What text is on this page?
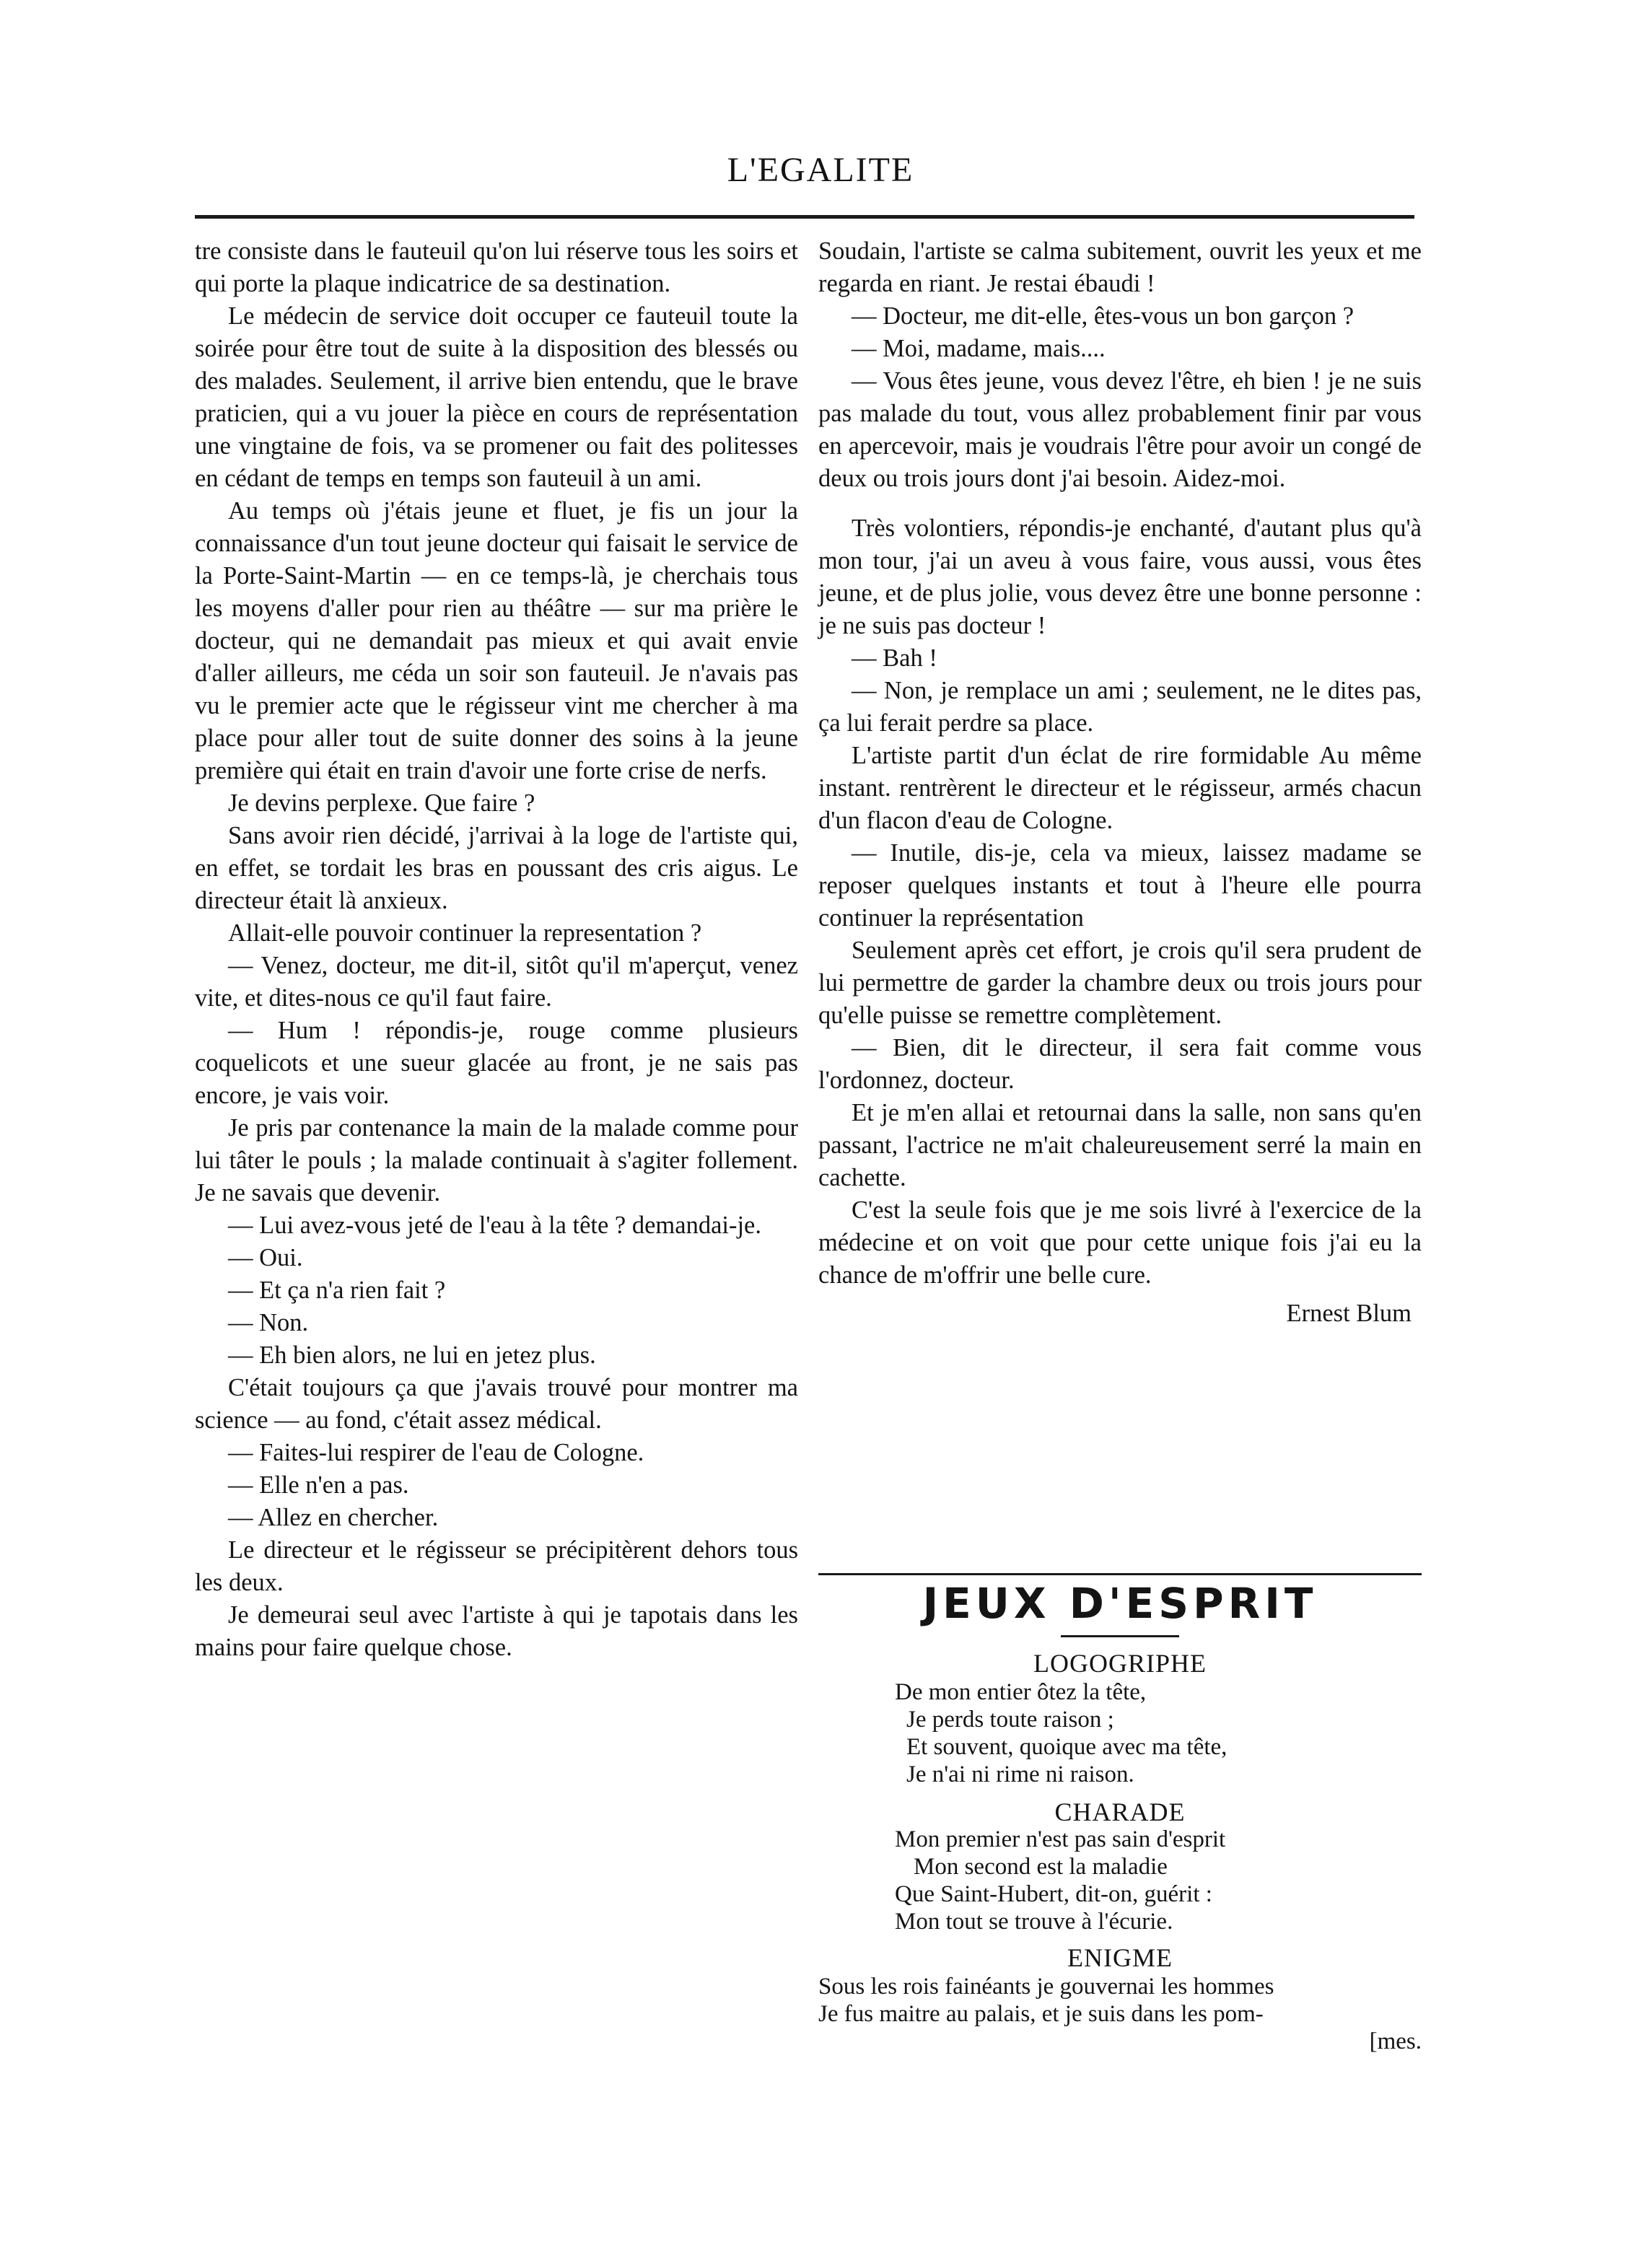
L'EGALITE

tre consiste dans le fauteuil qu'on lui réserve tous les soirs et qui porte la plaque indicatrice de sa destination.

Le médecin de service doit occuper ce fauteuil toute la soirée pour être tout de suite à la disposition des blessés ou des malades. Seulement, il arrive bien entendu, que le brave praticien, qui a vu jouer la pièce en cours de représentation une vingtaine de fois, va se promener ou fait des politesses en cédant de temps en temps son fauteuil à un ami.

Au temps où j'étais jeune et fluet, je fis un jour la connaissance d'un tout jeune docteur qui faisait le service de la Porte-Saint-Martin — en ce temps-là, je cherchais tous les moyens d'aller pour rien au théâtre — sur ma prière le docteur, qui ne demandait pas mieux et qui avait envie d'aller ailleurs, me céda un soir son fauteuil. Je n'avais pas vu le premier acte que le régisseur vint me chercher à ma place pour aller tout de suite donner des soins à la jeune première qui était en train d'avoir une forte crise de nerfs.

Je devins perplexe. Que faire ?

Sans avoir rien décidé, j'arrivai à la loge de l'artiste qui, en effet, se tordait les bras en poussant des cris aigus. Le directeur était là anxieux.

Allait-elle pouvoir continuer la representation ?

— Venez, docteur, me dit-il, sitôt qu'il m'aperçut, venez vite, et dites-nous ce qu'il faut faire.

— Hum ! répondis-je, rouge comme plusieurs coquelicots et une sueur glacée au front, je ne sais pas encore, je vais voir.

Je pris par contenance la main de la malade comme pour lui tâter le pouls ; la malade continuait à s'agiter follement. Je ne savais que devenir.

— Lui avez-vous jeté de l'eau à la tête ? demandai-je.

— Oui.

— Et ça n'a rien fait ?

— Non.

— Eh bien alors, ne lui en jetez plus.

C'était toujours ça que j'avais trouvé pour montrer ma science — au fond, c'était assez médical.

— Faites-lui respirer de l'eau de Cologne.

— Elle n'en a pas.

— Allez en chercher.

Le directeur et le régisseur se précipitèrent dehors tous les deux.

Je demeurai seul avec l'artiste à qui je tapotais dans les mains pour faire quelque chose.

Soudain, l'artiste se calma subitement, ouvrit les yeux et me regarda en riant. Je restai ébaudi !

— Docteur, me dit-elle, êtes-vous un bon garçon ?

— Moi, madame, mais....

— Vous êtes jeune, vous devez l'être, eh bien ! je ne suis pas malade du tout, vous allez probablement finir par vous en apercevoir, mais je voudrais l'être pour avoir un congé de deux ou trois jours dont j'ai besoin. Aidez-moi.

Très volontiers, répondis-je enchanté, d'autant plus qu'à mon tour, j'ai un aveu à vous faire, vous aussi, vous êtes jeune, et de plus jolie, vous devez être une bonne personne : je ne suis pas docteur !

— Bah !

— Non, je remplace un ami ; seulement, ne le dites pas, ça lui ferait perdre sa place.

L'artiste partit d'un éclat de rire formidable Au même instant. rentrèrent le directeur et le régisseur, armés chacun d'un flacon d'eau de Cologne.

— Inutile, dis-je, cela va mieux, laissez madame se reposer quelques instants et tout à l'heure elle pourra continuer la représentation

Seulement après cet effort, je crois qu'il sera prudent de lui permettre de garder la chambre deux ou trois jours pour qu'elle puisse se remettre complètement.

— Bien, dit le directeur, il sera fait comme vous l'ordonnez, docteur.

Et je m'en allai et retournai dans la salle, non sans qu'en passant, l'actrice ne m'ait chaleureusement serré la main en cachette.

C'est la seule fois que je me sois livré à l'exercice de la médecine et on voit que pour cette unique fois j'ai eu la chance de m'offrir une belle cure.

Ernest Blum
JEUX D'ESPRIT
LOGOGRIPHE
De mon entier ôtez la tête,
Je perds toute raison ;
Et souvent, quoique avec ma tête,
Je n'ai ni rime ni raison.
CHARADE
Mon premier n'est pas sain d'esprit
Mon second est la maladie
Que Saint-Hubert, dit-on, guérit :
Mon tout se trouve à l'écurie.
ENIGME
Sous les rois fainéants je gouvernai les hommes
Je fus maitre au palais, et je suis dans les pom-
[mes.
